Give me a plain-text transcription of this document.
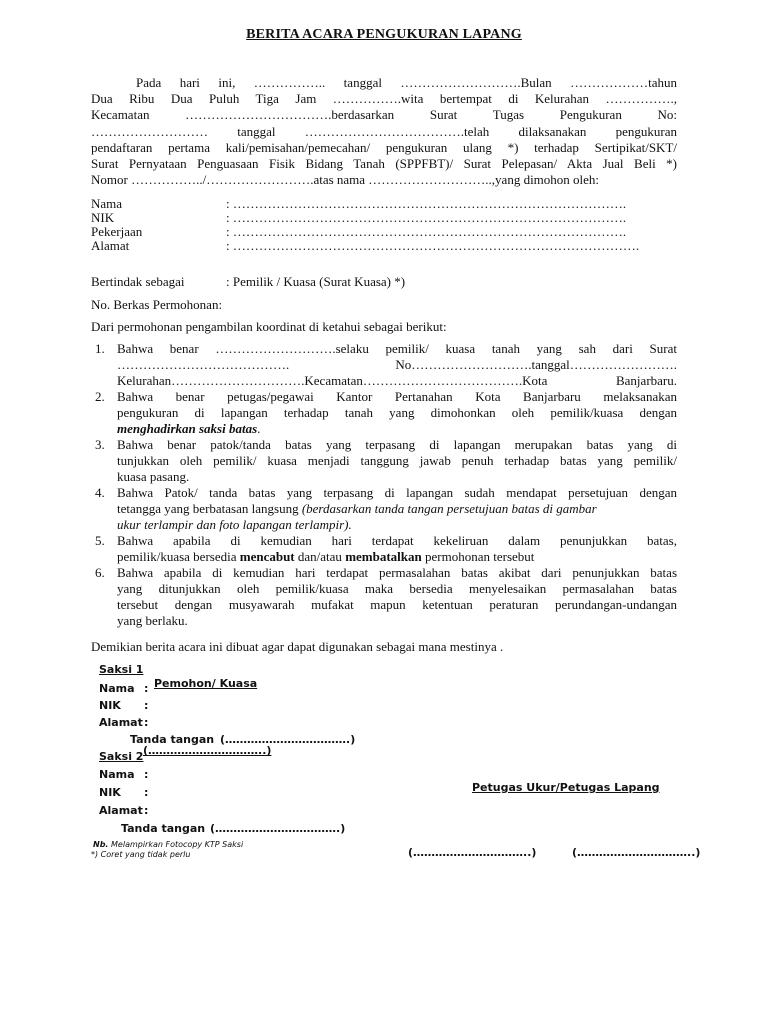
BERITA ACARA PENGUKURAN LAPANG
Pada hari ini, …………….. tanggal ……………………….Bulan ………………tahun
Dua Ribu Dua Puluh Tiga Jam …………….wita bertempat di Kelurahan …………….,
Kecamatan …………………………….berdasarkan Surat Tugas Pengukuran No:
……………………… tanggal ……………………………….telah dilaksanakan pengukuran
pendaftaran pertama kali/pemisahan/pemecahan/ pengukuran ulang *) terhadap Sertipikat/SKT/
Surat Pernyataan Penguasaan Fisik Bidang Tanah (SPPFBT)/ Surat Pelepasan/ Akta Jual Beli *)
Nomor ……………../…………………….atas nama ………………………..,yang dimohon oleh:
Nama	: ……………………………………………………………………………….
NIK	: ……………………………………………………………………………….
Pekerjaan	: ……………………………………………………………………………….
Alamat	: ………………………………………………………………………………….
Bertindak sebagai	: Pemilik / Kuasa (Surat Kuasa) *)
No. Berkas Permohonan:
Dari permohonan pengambilan koordinat di ketahui sebagai berikut:
1. Bahwa benar ……………………….selaku pemilik/ kuasa tanah yang sah dari Surat
…………………………………. No……………………….tanggal…………………….
Kelurahan………………………….Kecamatan……………………………….Kota Banjarbaru.
2. Bahwa benar petugas/pegawai Kantor Pertanahan Kota Banjarbaru melaksanakan
pengukuran di lapangan terhadap tanah yang dimohonkan oleh pemilik/kuasa dengan
menghadirkan saksi batas.
3. Bahwa benar patok/tanda batas yang terpasang di lapangan merupakan batas yang di
tunjukkan oleh pemilik/ kuasa menjadi tanggung jawab penuh terhadap batas yang pemilik/
kuasa pasang.
4. Bahwa Patok/ tanda batas yang terpasang di lapangan sudah mendapat persetujuan dengan
tetangga yang berbatasan langsung (berdasarkan tanda tangan persetujuan batas di gambar
ukur terlampir dan foto lapangan terlampir).
5. Bahwa apabila di kemudian hari terdapat kekeliruan dalam penunjukkan batas,
pemilik/kuasa bersedia mencabut dan/atau membatalkan permohonan tersebut
6. Bahwa apabila di kemudian hari terdapat permasalahan batas akibat dari penunjukkan batas
yang ditunjukkan oleh pemilik/kuasa maka bersedia menyelesaikan permasalahan batas
tersebut dengan musyawarah mufakat mapun ketentuan peraturan perundangan-undangan
yang berlaku.
Demikian berita acara ini dibuat agar dapat digunakan sebagai mana mestinya .
Saksi 1
Nama : Pemohon/ Kuasa
NIK :
Alamat :
Tanda tangan (…………………………….)
(…………………………..)
Saksi 2
Nama :
NIK :
Alamat :
Tanda tangan (…………………………….)
Petugas Ukur/Petugas Lapang
(…………………………..)	(…………………………..)
Nb. Melampirkan Fotocopy KTP Saksi
*) Coret yang tidak perlu
